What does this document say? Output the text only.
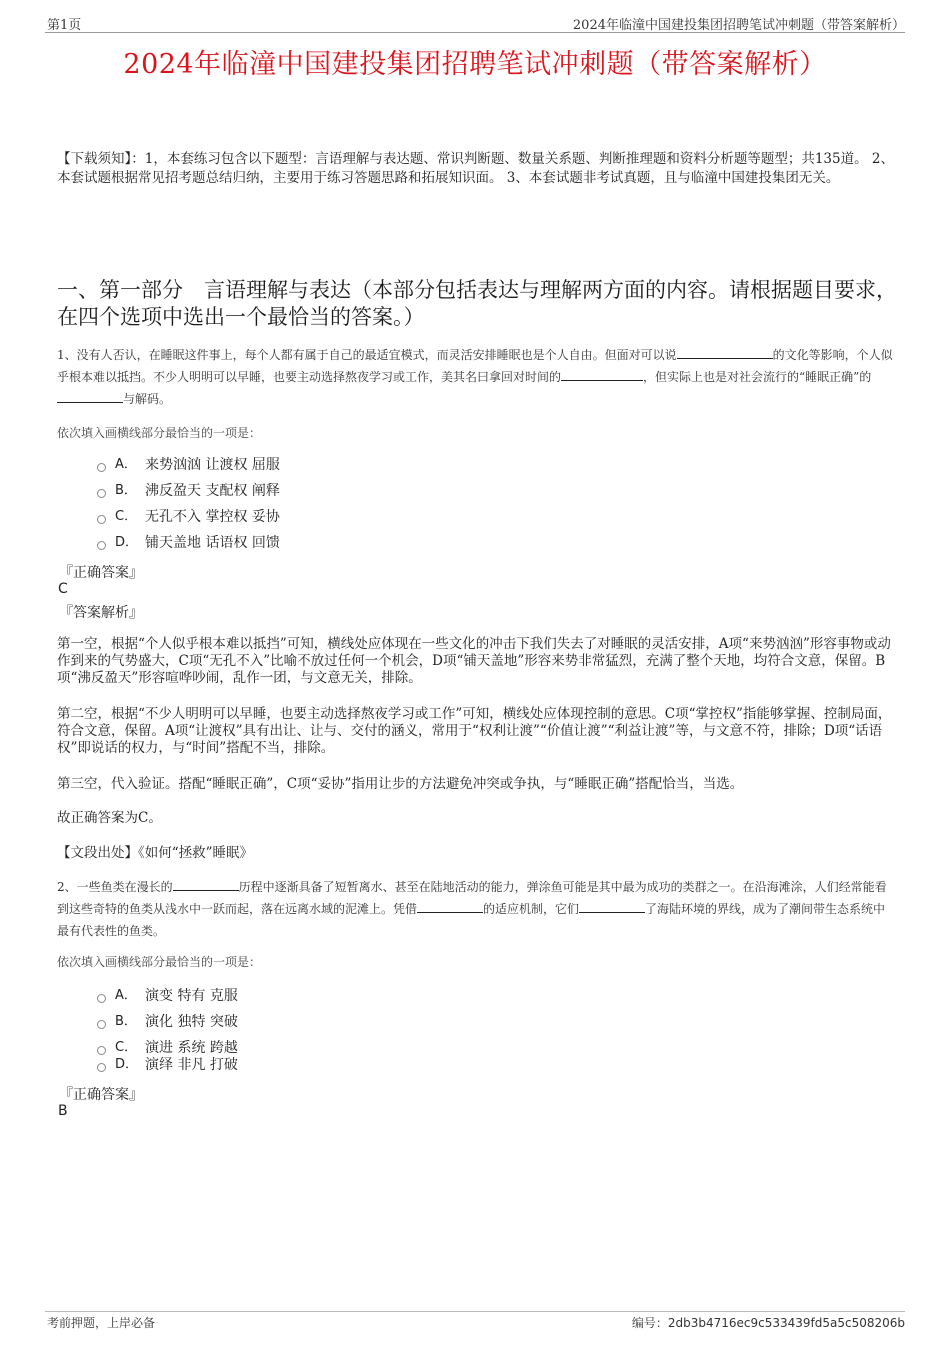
第1页	2024年临潼中国建投集团招聘笔试冲刺题（带答案解析）
2024年临潼中国建投集团招聘笔试冲刺题（带答案解析）
【下载须知】：1，本套练习包含以下题型：言语理解与表达题、常识判断题、数量关系题、判断推理题和资料分析题等题型；共135道。 2、本套试题根据常见招考题总结归纳，主要用于练习答题思路和拓展知识面。 3、本套试题非考试真题，且与临潼中国建投集团无关。
一、第一部分　言语理解与表达（本部分包括表达与理解两方面的内容。请根据题目要求，在四个选项中选出一个最恰当的答案。）
1、没有人否认，在睡眠这件事上，每个人都有属于自己的最适宜模式，而灵活安排睡眠也是个人自由。但面对可以说	的文化等影响，个人似乎根本难以抵挡。不少人明明可以早睡，也要主动选择熬夜学习或工作，美其名曰拿回对时间的	，但实际上也是对社会流行的“睡眠正确”的与解码。
依次填入画横线部分最恰当的一项是：
A． 来势汹汹 让渡权 屈服
B． 沸反盈天 支配权 阐释
C． 无孔不入 掌控权 妥协
D． 铺天盖地 话语权 回馈
『正确答案』
C
『答案解析』
第一空，根据“个人似乎根本难以抵挡”可知，横线处应体现在一些文化的冲击下我们失去了对睡眠的灵活安排，A项“来势汹汹”形容事物或动作到来的气势盛大，C项“无孔不入”比喻不放过任何一个机会，D项“铺天盖地”形容来势非常猛烈，充满了整个天地，均符合文意，保留。B项“沸反盈天”形容喧哗吵闹，乱作一团，与文意无关，排除。
第二空，根据“不少人明明可以早睡，也要主动选择熬夜学习或工作”可知，横线处应体现控制的意思。C项“掌控权”指能够掌握、控制局面，符合文意，保留。A项“让渡权”具有出让、让与、交付的涵义，常用于“权利让渡”“价值让渡”“利益让渡”等，与文意不符，排除；D项“话语权”即说话的权力，与“时间”搭配不当，排除。
第三空，代入验证。搭配“睡眠正确”，C项“妥协”指用让步的方法避免冲突或争执，与“睡眠正确”搭配恰当，当选。
故正确答案为C。
【文段出处】《如何“拯救”睡眠》
2、一些鱼类在漫长的	历程中逐渐具备了短暂离水、甚至在陆地活动的能力，弹涂鱼可能是其中最为成功的类群之一。在沿海滩涂，人们经常能看到这些奇特的鱼类从浅水中一跃而起，落在远离水域的泥滩上。凭借	的适应机制，它们	了海陆环境的界线，成为了潮间带生态系统中最有代表性的鱼类。
依次填入画横线部分最恰当的一项是：
A． 演变 特有 克服
B． 演化 独特 突破
C． 演进 系统 跨越
D． 演绎 非凡 打破
『正确答案』
B
考前押题，上岸必备	编号：2db3b4716ec9c533439fd5a5c508206b
